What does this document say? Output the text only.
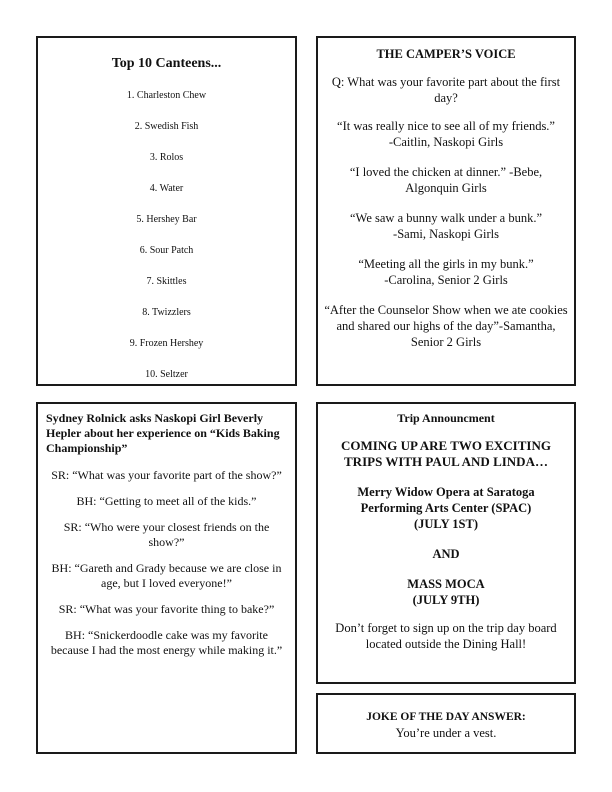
Top 10 Canteens...
1. Charleston Chew
2. Swedish Fish
3. Rolos
4. Water
5. Hershey Bar
6. Sour Patch
7. Skittles
8. Twizzlers
9. Frozen Hershey
10. Seltzer

THE CAMPER’S VOICE

Q: What was your favorite part about the first day?

“It was really nice to see all of my friends.”

-Caitlin, Naskopi Girls

“I loved the chicken at dinner.” -Bebe,

Algonquin Girls

“We saw a bunny walk under a bunk.”

-Sami, Naskopi Girls

“Meeting all the girls in my bunk.”

-Carolina, Senior 2 Girls

“After the Counselor Show when we ate cookies and shared our highs of the day”-Samantha, Senior 2 Girls

Sydney Rolnick asks Naskopi Girl Beverly Hepler about her experience on “Kids Baking Championship”

SR: “What was your favorite part of the show?”

BH: “Getting to meet all of the kids.”

SR: “Who were your closest friends on the show?”

BH: “Gareth and Grady because we are close in age, but I loved everyone!”

SR: “What was your favorite thing to bake?”

BH: “Snickerdoodle cake was my favorite because I had the most energy while making it.”

Trip Announcment

COMING UP ARE TWO EXCITING TRIPS WITH PAUL AND LINDA…

Merry Widow Opera at Saratoga Performing Arts Center (SPAC)

(JULY 1ST)

AND

MASS MOCA

(JULY 9TH)

Don’t forget to sign up on the trip day board located outside the Dining Hall!

JOKE OF THE DAY ANSWER:

You’re under a vest.
